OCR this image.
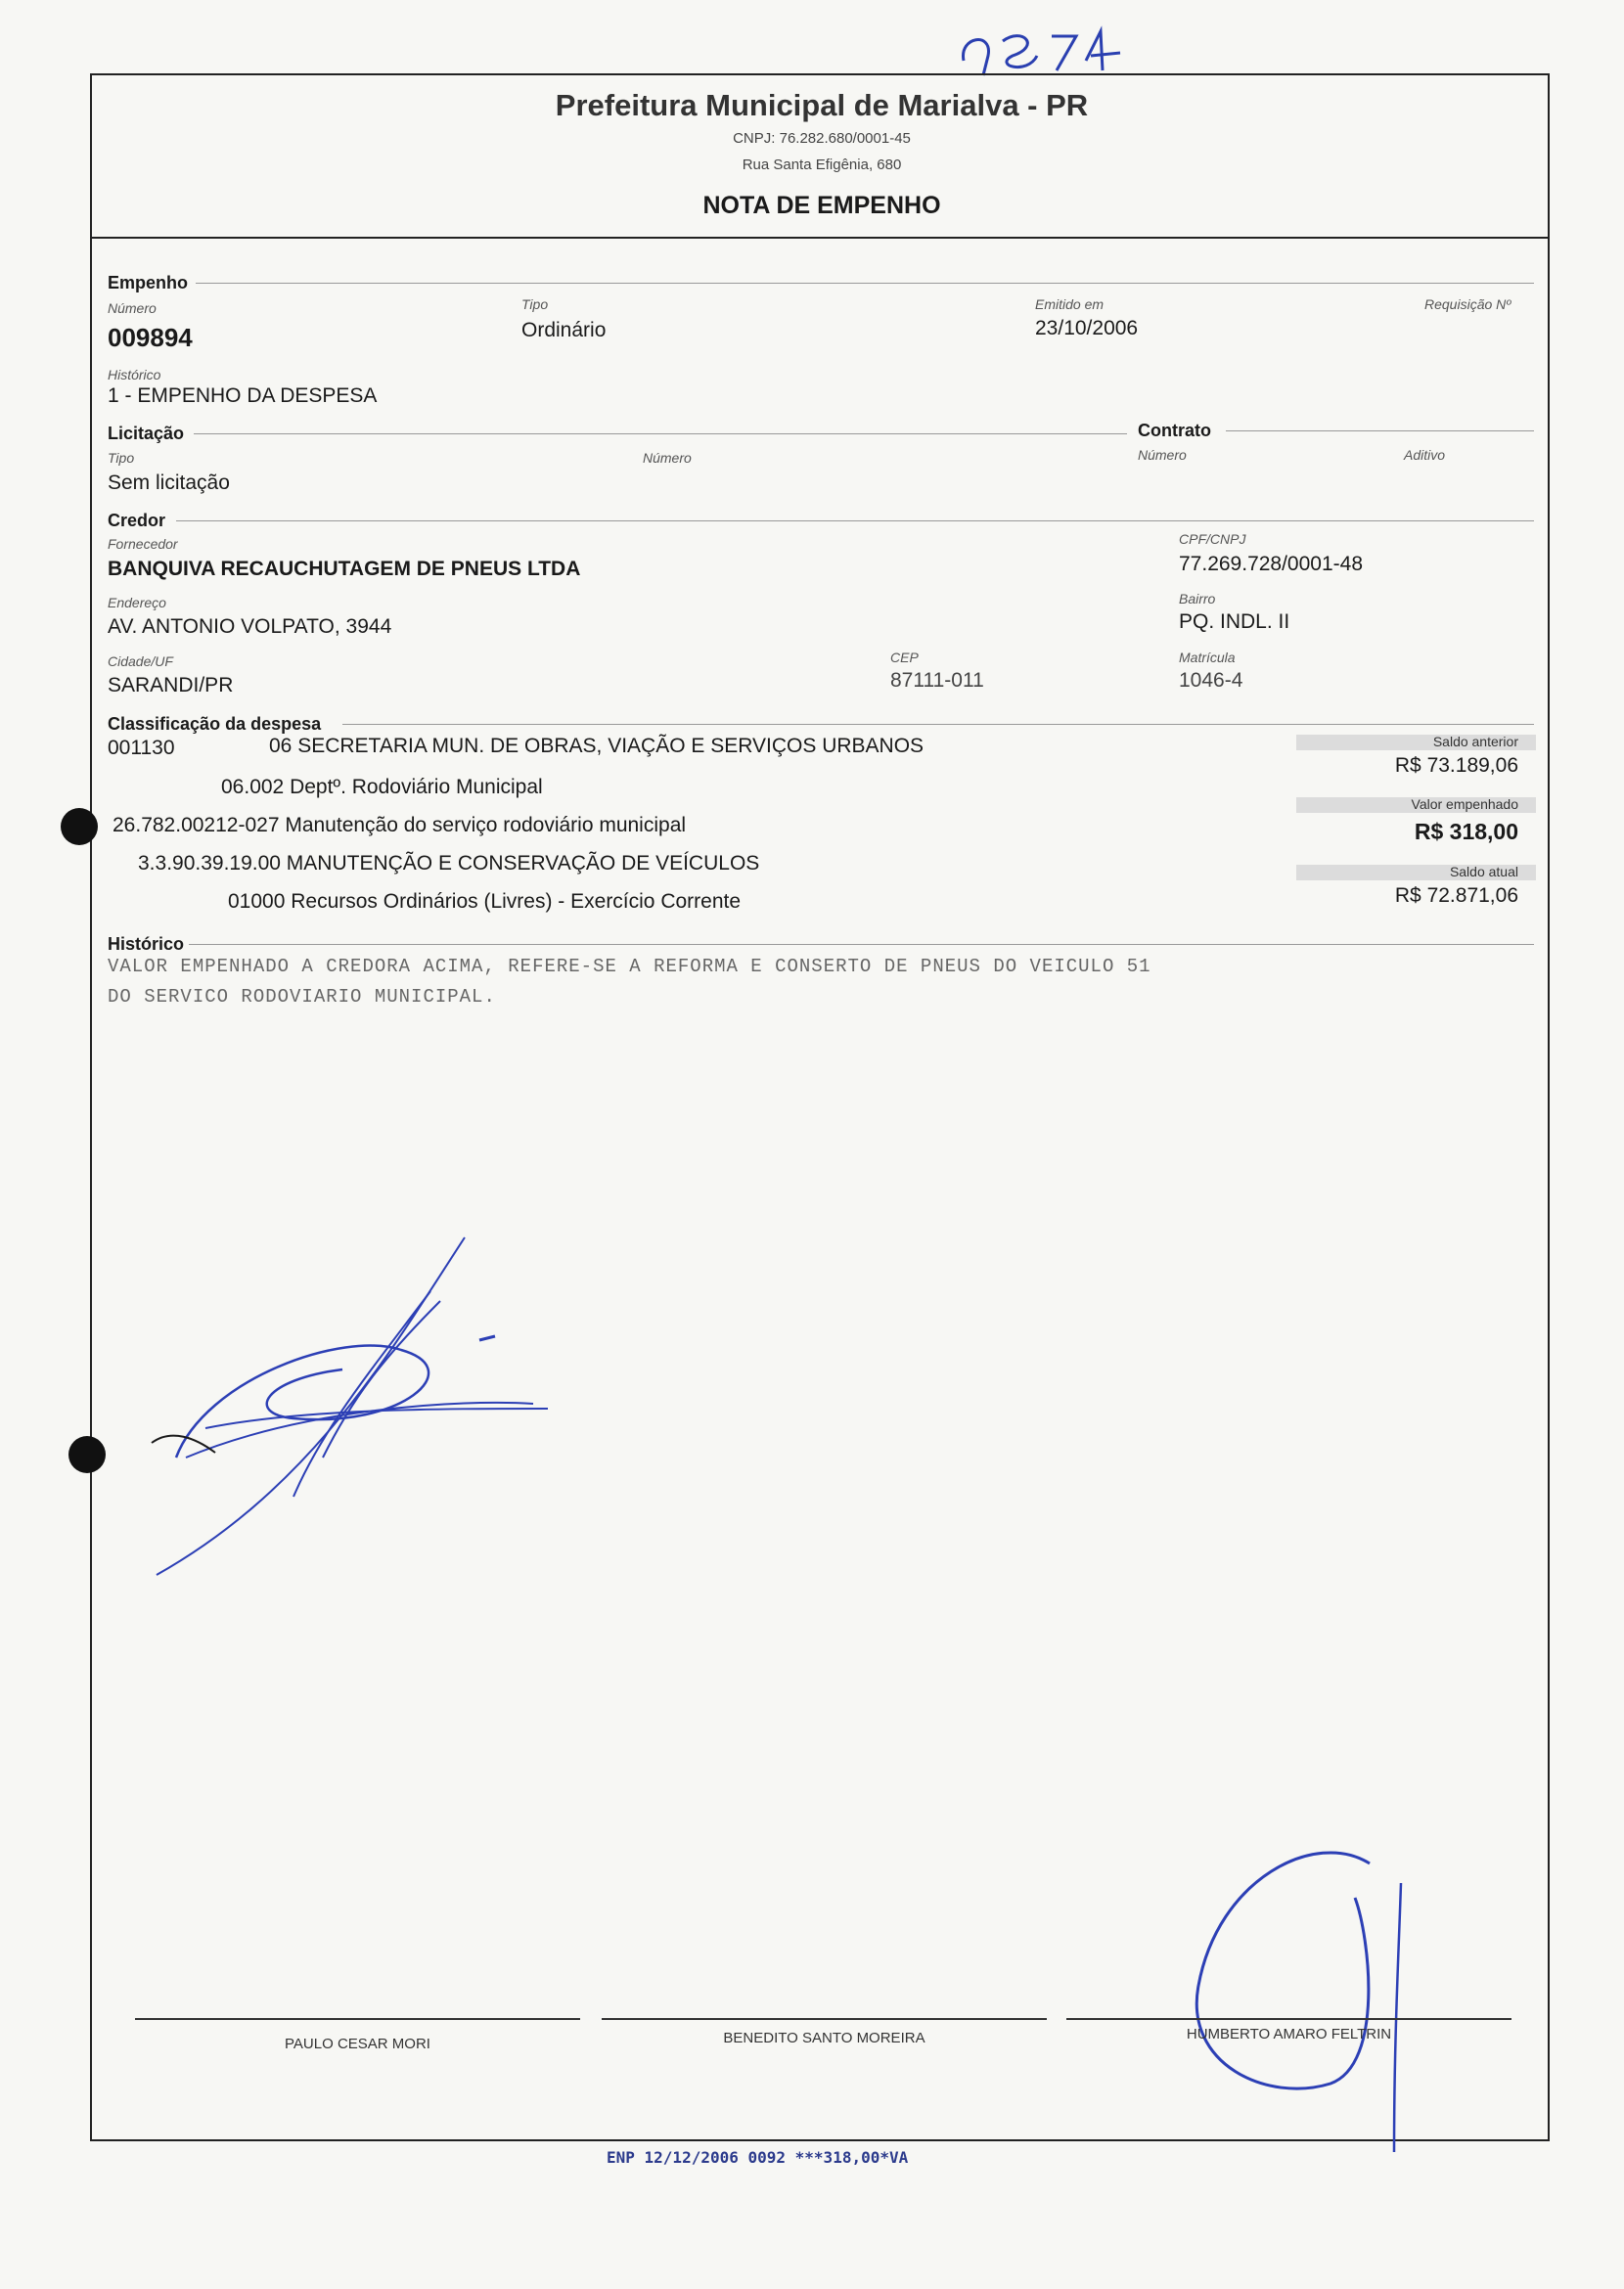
Prefeitura Municipal de Marialva - PR
CNPJ: 76.282.680/0001-45
Rua Santa Efigênia, 680
NOTA DE EMPENHO
Empenho
Número
009894
Tipo
Ordinário
Emitido em
23/10/2006
Requisição Nº
Histórico
1 - EMPENHO DA DESPESA
Licitação	Contrato
Tipo
Sem licitação
Número	Número	Aditivo
Credor
Fornecedor
BANQUIVA RECAUCHUTAGEM DE PNEUS LTDA
CPF/CNPJ
77.269.728/0001-48
Endereço
AV. ANTONIO VOLPATO, 3944
Bairro
PQ. INDL. II
Cidade/UF
SARANDI/PR
CEP
87111-011
Matrícula
1046-4
Classificação da despesa
001130	06 SECRETARIA MUN. DE OBRAS, VIAÇÃO E SERVIÇOS URBANOS
06.002 Deptº. Rodoviário Municipal
26.782.00212-027 Manutenção do serviço rodoviário municipal
3.3.90.39.19.00 MANUTENÇÃO E CONSERVAÇÃO DE VEÍCULOS
01000 Recursos Ordinários (Livres) - Exercício Corrente
Saldo anterior
R$ 73.189,06
Valor empenhado
R$ 318,00
Saldo atual
R$ 72.871,06
Histórico
VALOR EMPENHADO A CREDORA ACIMA, REFERE-SE A REFORMA E CONSERTO DE PNEUS DO VEICULO 51
DO SERVICO RODOVIARIO MUNICIPAL.
PAULO CESAR MORI	BENEDITO SANTO MOREIRA	HUMBERTO AMARO FELTRIN
ENP 12/12/2006 0092 ***318,00*VA
